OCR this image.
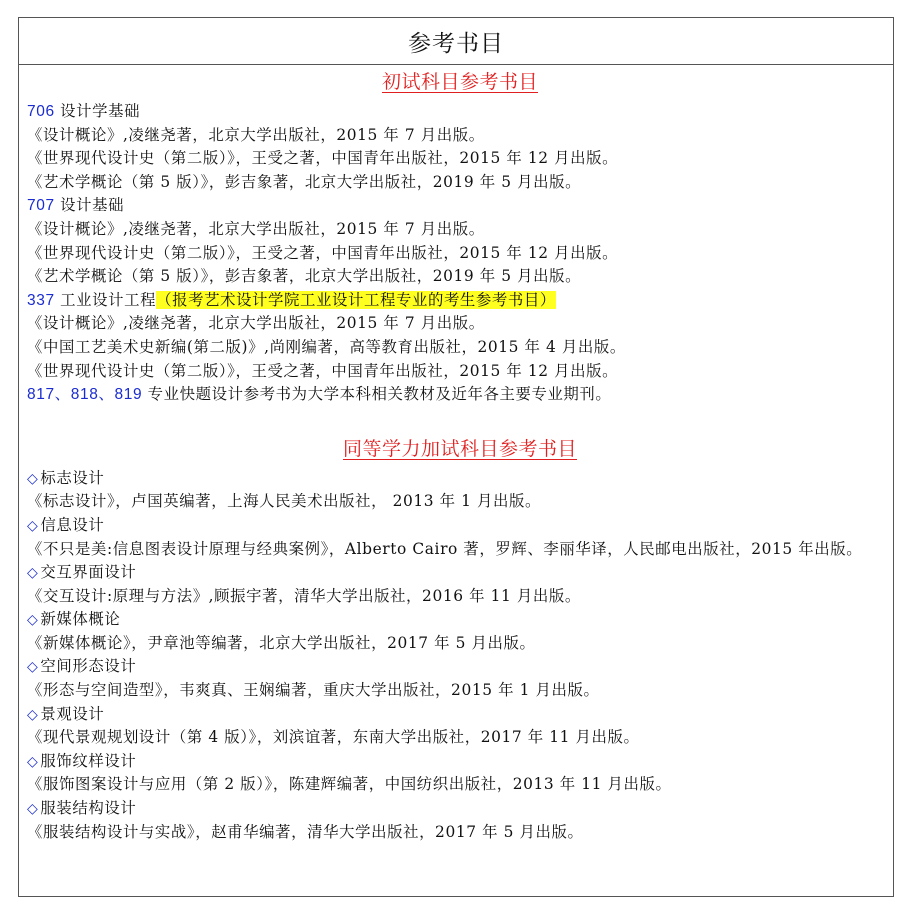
参考书目
初试科目参考书目
706 设计学基础
《设计概论》,凌继尧著，北京大学出版社，2015 年 7 月出版。
《世界现代设计史（第二版）》，王受之著，中国青年出版社，2015 年 12 月出版。
《艺术学概论（第 5 版）》，彭吉象著，北京大学出版社，2019 年 5 月出版。
707 设计基础
《设计概论》,凌继尧著，北京大学出版社，2015 年 7 月出版。
《世界现代设计史（第二版）》，王受之著，中国青年出版社，2015 年 12 月出版。
《艺术学概论（第 5 版）》，彭吉象著，北京大学出版社，2019 年 5 月出版。
337 工业设计工程（报考艺术设计学院工业设计工程专业的考生参考书目）
《设计概论》,凌继尧著，北京大学出版社，2015 年 7 月出版。
《中国工艺美术史新编(第二版)》,尚刚编著，高等教育出版社，2015 年 4 月出版。
《世界现代设计史（第二版）》，王受之著，中国青年出版社，2015 年 12 月出版。
817、818、819 专业快题设计参考书为大学本科相关教材及近年各主要专业期刊。
同等学力加试科目参考书目
◇ 标志设计
《标志设计》，卢国英编著，上海人民美术出版社， 2013 年 1 月出版。
◇ 信息设计
《不只是美:信息图表设计原理与经典案例》，Alberto Cairo 著，罗辉、李丽华译，人民邮电出版社，2015 年出版。
◇ 交互界面设计
《交互设计:原理与方法》,顾振宇著，清华大学出版社，2016 年 11 月出版。
◇ 新媒体概论
《新媒体概论》，尹章池等编著，北京大学出版社，2017 年 5 月出版。
◇ 空间形态设计
《形态与空间造型》，韦爽真、王娴编著，重庆大学出版社，2015 年 1 月出版。
◇ 景观设计
《现代景观规划设计（第 4 版）》，刘滨谊著，东南大学出版社，2017 年 11 月出版。
◇ 服饰纹样设计
《服饰图案设计与应用（第 2 版）》，陈建辉编著，中国纺织出版社，2013 年 11 月出版。
◇ 服装结构设计
《服装结构设计与实战》，赵甫华编著，清华大学出版社，2017 年 5 月出版。
